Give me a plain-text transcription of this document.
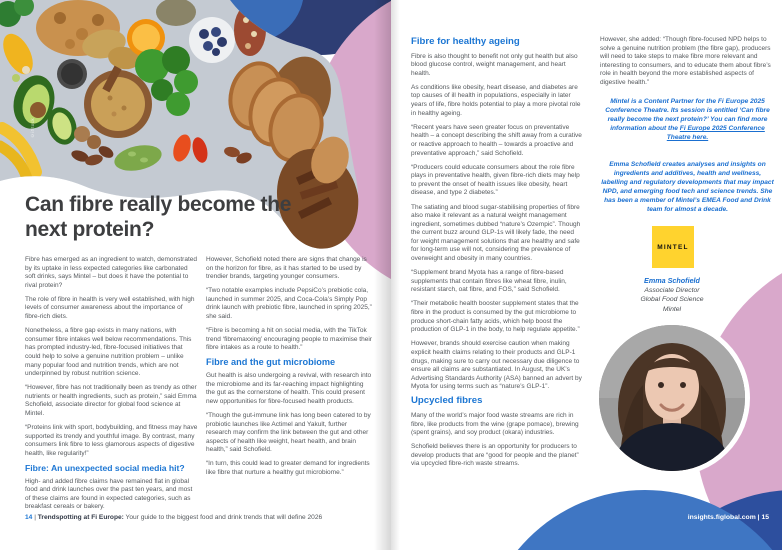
©iStock
Can fibre really become the next protein?

Fibre has emerged as an ingredient to watch, demonstrated by its uptake in less expected categories like carbonated soft drinks, says Mintel – but does it have the potential to rival protein?

The role of fibre in health is very well established, with high levels of consumer awareness about the importance of fibre-rich diets.

Nonetheless, a fibre gap exists in many nations, with consumer fibre intakes well below recommendations. This has prompted industry-led, fibre-focused initiatives that could help to solve a genuine nutrition problem – unlike many popular food and nutrition trends, which are not underpinned by robust nutrition science.

“However, fibre has not traditionally been as trendy as other nutrients or health ingredients, such as protein,” said Emma Schofield, associate director for global food science at Mintel.

“Proteins link with sport, bodybuilding, and fitness may have supported its trendy and youthful image. By contrast, many consumers link fibre to less glamorous aspects of digestive health, like regularity!”

Fibre: An unexpected social media hit?

High- and added fibre claims have remained flat in global food and drink launches over the past ten years, and most of these claims are found in expected categories, such as breakfast cereals or bakery.

However, Schofield noted there are signs that change is on the horizon for fibre, as it has started to be used by trendier brands, targeting younger consumers.

“Two notable examples include PepsiCo’s prebiotic cola, launched in summer 2025, and Coca-Cola’s Simply Pop drink launch with prebiotic fibre, launched in spring 2025,” she said.

“Fibre is becoming a hit on social media, with the TikTok trend ‘fibremaxxing’ encouraging people to maximise their fibre intakes as a route to health.”

Fibre and the gut microbiome

Gut health is also undergoing a revival, with research into the microbiome and its far-reaching impact highlighting the gut as the cornerstone of health. This could present new opportunities for fibre-focused health products.

“Though the gut-immune link has long been catered to by probiotic launches like Actimel and Yakult, further research may confirm the link between the gut and other aspects of health like weight, heart health, and brain health,” said Schofield.

“In turn, this could lead to greater demand for ingredients like fibre that nurture a healthy gut microbiome.”

14 | Trendspotting at Fi Europe: Your guide to the biggest food and drink trends that will define 2026
Fibre for healthy ageing

Fibre is also thought to benefit not only gut health but also blood glucose control, weight management, and heart health.

As conditions like obesity, heart disease, and diabetes are top causes of ill health in populations, especially in later years of life, fibre holds potential to play a more pivotal role in healthy ageing.

“Recent years have seen greater focus on preventative health – a concept describing the shift away from a curative or reactive approach to health – towards a proactive and preventative approach,” said Schofield.

“Producers could educate consumers about the role fibre plays in preventative health, given fibre-rich diets may help to prevent the onset of health issues like obesity, heart disease, and type 2 diabetes.”

The satiating and blood sugar-stabilising properties of fibre also make it relevant as a natural weight management ingredient, sometimes dubbed “nature’s Ozempic”. Though the current buzz around GLP-1s will likely fade, the need for weight management solutions that are healthy and safe for long-term use will not, considering the prevalence of overweight and obesity in many countries.

“Supplement brand Myota has a range of fibre-based supplements that contain fibres like wheat fibre, inulin, resistant starch, oat fibre, and FOS,” said Schofield.

“Their metabolic health booster supplement states that the fibre in the product is consumed by the gut microbiome to produce short-chain fatty acids, which help boost the production of GLP-1 in the body, to help regulate appetite.”

However, brands should exercise caution when making explicit health claims relating to their products and GLP-1 drugs, making sure to carry out necessary due diligence to ensure all claims are substantiated. In August, the UK’s Advertising Standards Authority (ASA) banned an advert by Myota for using terms such as “nature’s GLP-1”.

Upcycled fibres

Many of the world’s major food waste streams are rich in fibre, like products from the wine (grape pomace), brewing (spent grains), and soy product (okara) industries.

Schofield believes there is an opportunity for producers to develop products that are “good for people and the planet” via upcycled fibre-rich waste streams.

However, she added: “Though fibre-focused NPD helps to solve a genuine nutrition problem (the fibre gap), producers will need to take steps to make fibre more relevant and interesting to consumers, and to educate them about fibre’s role in health beyond the more established aspects of digestive health.”

Mintel is a Content Partner for the Fi Europe 2025 Conference Theatre. Its session is entitled ‘Can fibre really become the next protein?’ You can find more information about the Fi Europe 2025 Conference Theatre here.
Emma Schofield creates analyses and insights on ingredients and additives, health and wellness, labelling and regulatory developments that may impact NPD, and emerging food tech and science trends. She has been a member of Mintel’s EMEA Food and Drink team for almost a decade.
MINTEL
Emma Schofield
Associate Director
Global Food Science
Mintel
insights.figlobal.com | 15
